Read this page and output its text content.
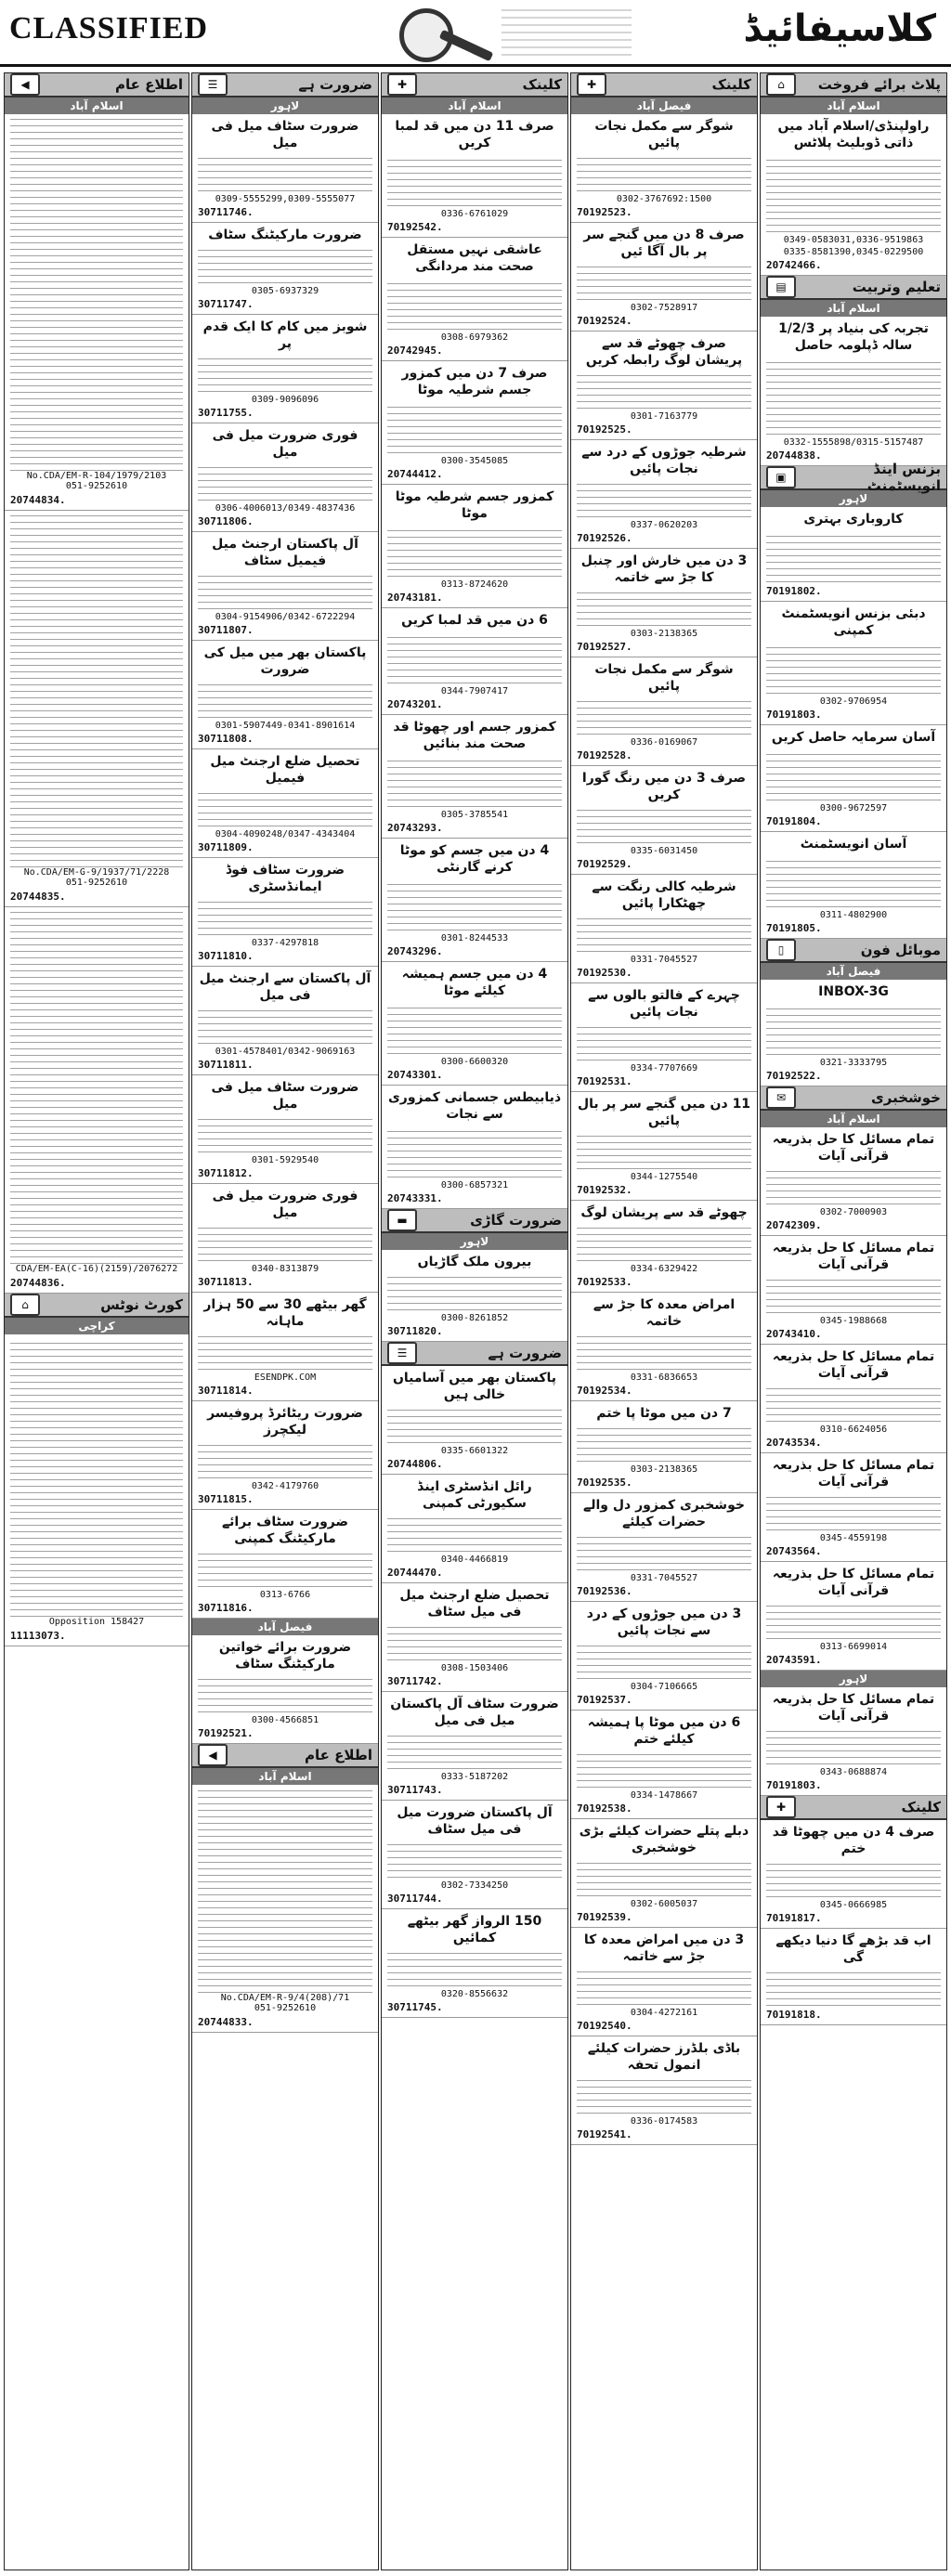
CLASSIFIED	کلاسیفائیڈ
پلاٹ برائے فروخت
⌂
اسلام آباد
راولپنڈی/اسلام آباد میں ذاتی ڈوبلیٹ پلاٹس
0349-0583031,0336-9519863
0335-8581390,0345-0229500
20742466.
تعلیم وتربیت
▤
اسلام آباد
تجربہ کی بنیاد پر 1/2/3 سالہ ڈپلومہ حاصل
0332-1555898/0315-5157487
20744838.
بزنس اینڈ انویسٹمنٹ
▣
لاہور
کاروباری بہتری
70191802.
دبئی بزنس انویسٹمنٹ کمپنی
0302-9706954
70191803.
آسان سرمایہ حاصل کریں
0300-9672597
70191804.
آسان انویسٹمنٹ
0311-4802900
70191805.
موبائل فون
▯
فیصل آباد
INBOX-3G
0321-3333795
70192522.
خوشخبری
✉
اسلام آباد
تمام مسائل کا حل بذریعہ قرآنی آیات
0302-7000903
20742309.
تمام مسائل کا حل بذریعہ قرآنی آیات
0345-1988668
20743410.
تمام مسائل کا حل بذریعہ قرآنی آیات
0310-6624056
20743534.
تمام مسائل کا حل بذریعہ قرآنی آیات
0345-4559198
20743564.
تمام مسائل کا حل بذریعہ قرآنی آیات
0313-6699014
20743591.
لاہور
تمام مسائل کا حل بذریعہ قرآنی آیات
0343-0688874
70191803.
کلینک
✚
صرف 4 دن میں چھوٹا قد ختم
0345-0666985
70191817.
اب قد بڑھے گا دنیا دیکھے گی
70191818.
کلینک
✚
فیصل آباد
شوگر سے مکمل نجات پائیں
0302-3767692:1500
70192523.
صرف 8 دن میں گنجے سر پر بال آگا ئیں
0302-7528917
70192524.
صرف چھوٹے قد سے پریشان لوگ رابطہ کریں
0301-7163779
70192525.
شرطیہ جوڑوں کے درد سے نجات پائیں
0337-0620203
70192526.
3 دن میں خارش اور چنبل کا جڑ سے خاتمہ
0303-2138365
70192527.
شوگر سے مکمل نجات پائیں
0336-0169067
70192528.
صرف 3 دن میں رنگ گورا کریں
0335-6031450
70192529.
شرطیہ کالی رنگت سے چھٹکارا پائیں
0331-7045527
70192530.
چہرے کے فالتو بالوں سے نجات پائیں
0334-7707669
70192531.
11 دن میں گنجے سر پر بال پائیں
0344-1275540
70192532.
چھوٹے قد سے پریشان لوگ
0334-6329422
70192533.
امراض معدہ کا جڑ سے خاتمہ
0331-6836653
70192534.
7 دن میں موٹا پا ختم
0303-2138365
70192535.
خوشخبری کمزور دل والے حضرات کیلئے
0331-7045527
70192536.
3 دن میں جوڑوں کے درد سے نجات پائیں
0304-7106665
70192537.
6 دن میں موٹا پا ہمیشہ کیلئے ختم
0334-1478667
70192538.
دبلے پتلے حضرات کیلئے بڑی خوشخبری
0302-6005037
70192539.
3 دن میں امراض معدہ کا جڑ سے خاتمہ
0304-4272161
70192540.
باڈی بلڈرز حضرات کیلئے انمول تحفہ
0336-0174583
70192541.
کلینک
✚
اسلام آباد
صرف 11 دن میں قد لمبا کریں
0336-6761029
70192542.
عاشقی نہیں مستقل صحت مند مردانگی
0308-6979362
20742945.
صرف 7 دن میں کمزور جسم شرطیہ موٹا
0300-3545085
20744412.
کمزور جسم شرطیہ موٹا موٹا
0313-8724620
20743181.
6 دن میں قد لمبا کریں
0344-7907417
20743201.
کمزور جسم اور چھوٹا قد صحت مند بنائیں
0305-3785541
20743293.
4 دن میں جسم کو موٹا کرنے گارنٹی
0301-8244533
20743296.
4 دن میں جسم ہمیشہ کیلئے موٹا
0300-6600320
20743301.
ذیابیطس جسمانی کمزوری سے نجات
0300-6857321
20743331.
ضرورت گاڑی
▬
لاہور
بیرون ملک گاڑیاں
0300-8261852
30711820.
ضرورت ہے
☰
پاکستان بھر میں آسامیاں خالی ہیں
0335-6601322
20744806.
رائل انڈسٹری اینڈ سکیورٹی کمپنی
0340-4466819
20744470.
تحصیل ضلع ارجنٹ میل فی میل سٹاف
0308-1503406
30711742.
ضرورت سٹاف آل پاکستان میل فی میل
0333-5187202
30711743.
آل پاکستان ضرورت میل فی میل سٹاف
0302-7334250
30711744.
150 الرواز گھر بیٹھے کمائیں
0320-8556632
30711745.
ضرورت ہے
☰
لاہور
ضرورت سٹاف میل فی میل
0309-5555299,0309-5555077
30711746.
ضرورت مارکیٹنگ سٹاف
0305-6937329
30711747.
شوبز میں کام کا ایک قدم پر
0309-9096096
30711755.
فوری ضرورت میل فی میل
0306-4006013/0349-4837436
30711806.
آل پاکستان ارجنٹ میل فیمیل سٹاف
0304-9154906/0342-6722294
30711807.
پاکستان بھر میں میل کی ضرورت
0301-5907449-0341-8901614
30711808.
تحصیل ضلع ارجنٹ میل فیمیل
0304-4090248/0347-4343404
30711809.
ضرورت سٹاف فوڈ ایمانڈسٹری
0337-4297818
30711810.
آل پاکستان سے ارجنٹ میل فی میل
0301-4578401/0342-9069163
30711811.
ضرورت سٹاف میل فی میل
0301-5929540
30711812.
فوری ضرورت میل فی میل
0340-8313879
30711813.
گھر بیٹھے 30 سے 50 ہزار ماہانہ
ESENDPK.COM
30711814.
ضرورت ریٹائرڈ پروفیسر لیکچرز
0342-4179760
30711815.
ضرورت سٹاف برائے مارکیٹنگ کمپنی
0313-6766
30711816.
فیصل آباد
ضرورت برائے خواتین مارکیٹنگ سٹاف
0300-4566851
70192521.
اطلاع عام
◀
اسلام آباد
No.CDA/EM-R-9/4(208)/71
051-9252610
20744833.
اطلاع عام
◀
اسلام آباد
No.CDA/EM-R-104/1979/2103
051-9252610
20744834.
No.CDA/EM-G-9/1937/71/2228
051-9252610
20744835.
CDA/EM-EA(C-16)(2159)/2076272
20744836.
کورٹ نوٹس
⌂
کراچی
Opposition 158427
11113073.
